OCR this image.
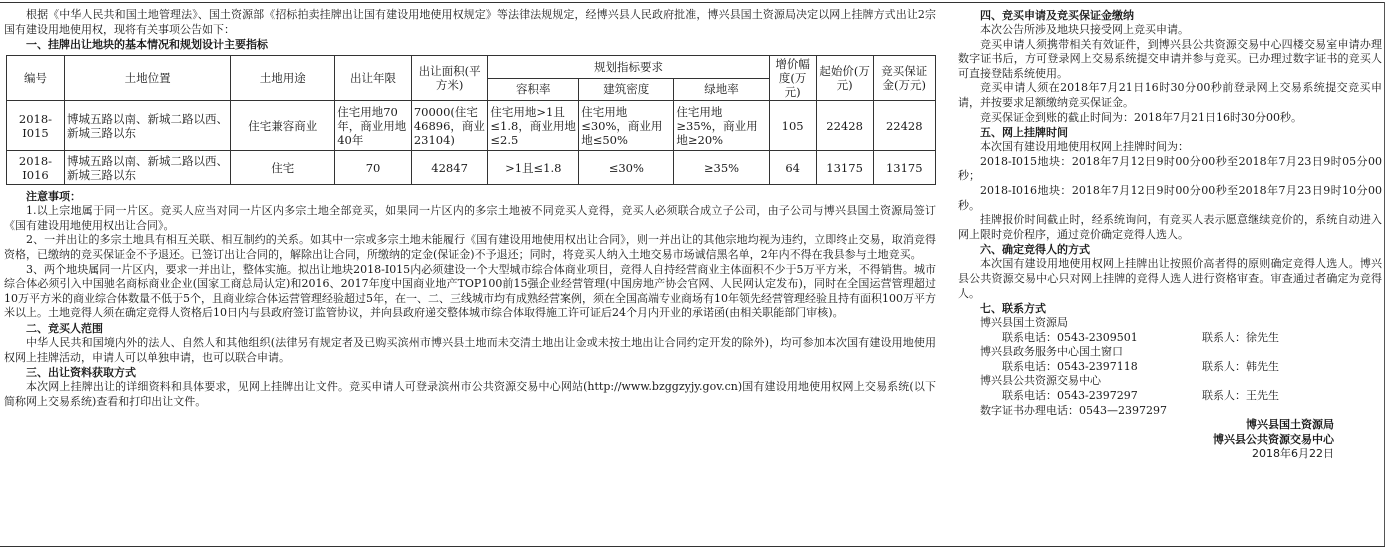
根据《中华人民共和国土地管理法》、国土资源部《招标拍卖挂牌出让国有建设用地使用权规定》等法律法规规定，经博兴县人民政府批准，博兴县国土资源局决定以网上挂牌方式出让2宗国有建设用地使用权，现将有关事项公告如下：

一、挂牌出让地块的基本情况和规划设计主要指标

编号	土地位置	土地用途	出让年限	出让面积(平方米)	规划指标要求			增价幅度(万元)	起始价(万元)	竞买保证金(万元)
					容积率	建筑密度	绿地率			
2018-I015	博城五路以南、新城二路以西、新城三路以东	住宅兼容商业	住宅用地70年，商业用地40年	70000(住宅46896，商业23104)	住宅用地>1且≤1.8，商业用地≤2.5	住宅用地≤30%，商业用地≤50%	住宅用地≥35%，商业用地≥20%	105	22428	22428
2018-I016	博城五路以南、新城二路以西、新城三路以东	住宅	70	42847	>1且≤1.8	≤30%	≥35%	64	13175	13175

注意事项：

1.以上宗地属于同一片区。竞买人应当对同一片区内多宗土地全部竞买，如果同一片区内的多宗土地被不同竞买人竞得，竞买人必须联合成立子公司，由子公司与博兴县国土资源局签订《国有建设用地使用权出让合同》。

2、一并出让的多宗土地具有相互关联、相互制约的关系。如其中一宗或多宗土地未能履行《国有建设用地使用权出让合同》，则一并出让的其他宗地均视为违约，立即终止交易，取消竞得资格，已缴纳的竞买保证金不予退还。已签订出让合同的，解除出让合同，所缴纳的定金(保证金)不予退还；同时，将竞买人纳入土地交易市场诚信黑名单，2年内不得在我县参与土地竞买。

3、两个地块属同一片区内，要求一并出让，整体实施。拟出让地块2018-I015内必须建设一个大型城市综合体商业项目，竞得人自持经营商业主体面积不少于5万平方米，不得销售。城市综合体必须引入中国驰名商标商业企业(国家工商总局认定)和2016、2017年度中国商业地产TOP100前15强企业经营管理(中国房地产协会官网、人民网认定发布)，同时在全国运营管理超过10万平方米的商业综合体数量不低于5个，且商业综合体运营管理经验超过5年，在一、二、三线城市均有成熟经营案例，须在全国高端专业商场有10年领先经营管理经验且持有面积100万平方米以上。土地竞得人须在确定竞得人资格后10日内与县政府签订监管协议，并向县政府递交整体城市综合体取得施工许可证后24个月内开业的承诺函(由相关职能部门审核)。

二、竞买人范围

中华人民共和国境内外的法人、自然人和其他组织(法律另有规定者及已购买滨州市博兴县土地而未交清土地出让金或未按土地出让合同约定开发的除外)，均可参加本次国有建设用地使用权网上挂牌活动，申请人可以单独申请，也可以联合申请。

三、出让资料获取方式

本次网上挂牌出让的详细资料和具体要求，见网上挂牌出让文件。竞买申请人可登录滨州市公共资源交易中心网站(http://www.bzggzyjy.gov.cn)国有建设用地使用权网上交易系统(以下简称网上交易系统)查看和打印出让文件。

四、竞买申请及竞买保证金缴纳

本次公告所涉及地块只接受网上竞买申请。

竞买申请人须携带相关有效证件，到博兴县公共资源交易中心四楼交易室申请办理数字证书后，方可登录网上交易系统提交申请并参与竞买。已办理过数字证书的竞买人可直接登陆系统使用。

竞买申请人须在2018年7月21日16时30分00秒前登录网上交易系统提交竞买申请，并按要求足额缴纳竞买保证金。

竞买保证金到账的截止时间为：2018年7月21日16时30分00秒。

五、网上挂牌时间

本次国有建设用地使用权网上挂牌时间为：

2018-I015地块：2018年7月12日9时00分00秒至2018年7月23日9时05分00秒；

2018-I016地块：2018年7月12日9时00分00秒至2018年7月23日9时10分00秒。

挂牌报价时间截止时，经系统询问，有竞买人表示愿意继续竞价的，系统自动进入网上限时竞价程序，通过竞价确定竞得人选人。

六、确定竞得人的方式

本次国有建设用地使用权网上挂牌出让按照价高者得的原则确定竞得人选人。博兴县公共资源交易中心只对网上挂牌的竞得人选人进行资格审查。审查通过者确定为竞得人。

七、联系方式

博兴县国土资源局

联系电话：0543-2309501	联系人：徐先生

博兴县政务服务中心国土窗口

联系电话：0543-2397118	联系人：韩先生

博兴县公共资源交易中心

联系电话：0543-2397297	联系人：王先生

数字证书办理电话：0543—2397297

博兴县国土资源局
博兴县公共资源交易中心
2018年6月22日
